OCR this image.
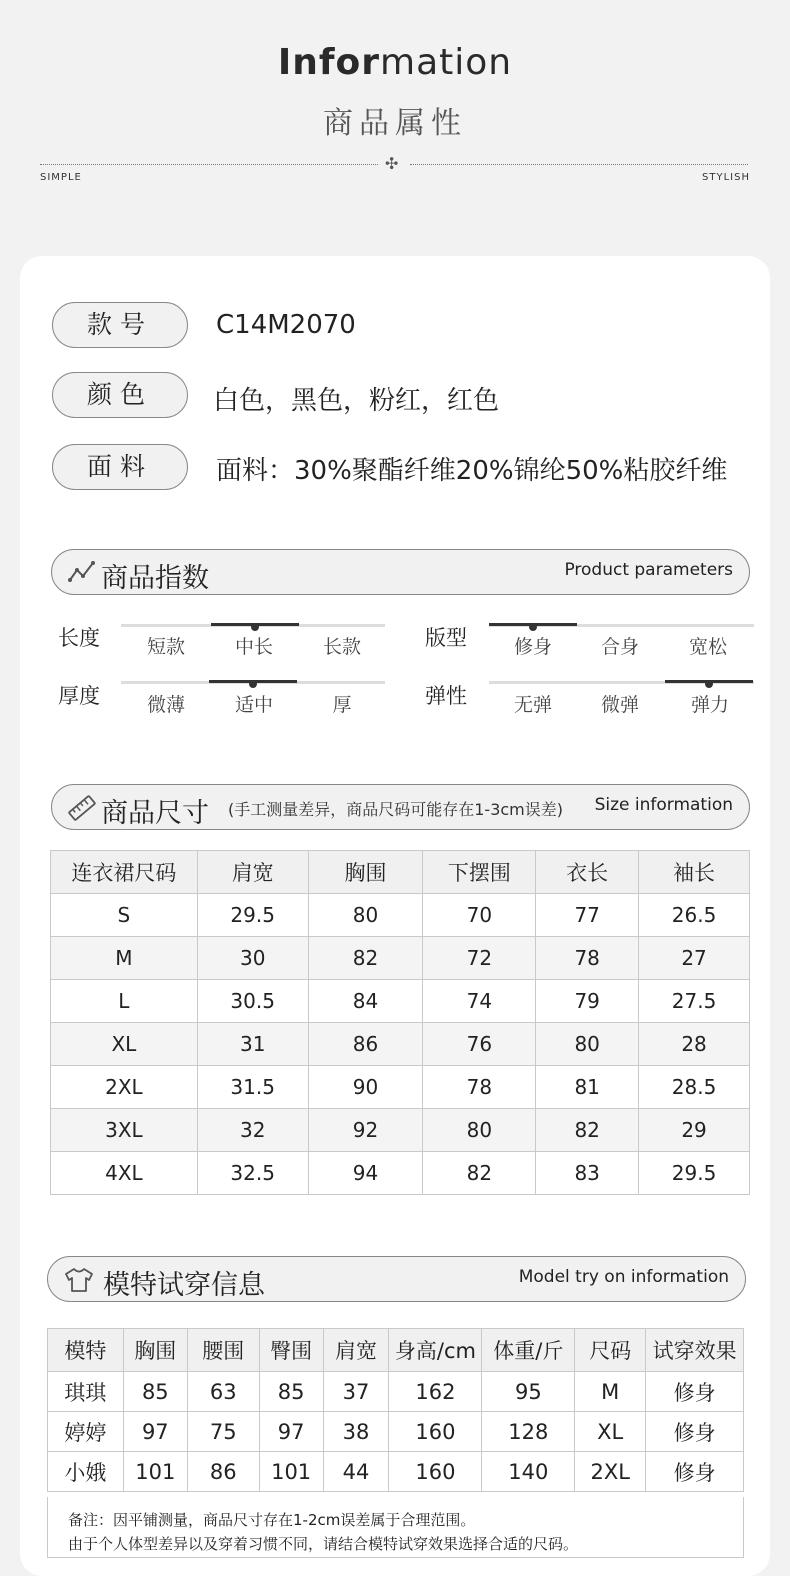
Information
商品属性
✣
SIMPLE	STYLISH
款号	C14M2070
颜色	白色，黑色，粉红，红色
面料	面料：30%聚酯纤维20%锦纶50%粘胶纤维
商品指数	Product parameters
长度	短款	中长	长款	版型	修身	合身	宽松
厚度	微薄	适中	厚	弹性	无弹	微弹	弹力
商品尺寸 (手工测量差异，商品尺码可能存在1-3cm误差) Size information
连衣裙尺码	肩宽	胸围	下摆围	衣长	袖长
S	29.5	80	70	77	26.5
M	30	82	72	78	27
L	30.5	84	74	79	27.5
XL	31	86	76	80	28
2XL	31.5	90	78	81	28.5
3XL	32	92	80	82	29
4XL	32.5	94	82	83	29.5
模特试穿信息	Model try on information
模特	胸围	腰围	臀围	肩宽	身高/cm	体重/斤	尺码	试穿效果
琪琪	85	63	85	37	162	95	M	修身
婷婷	97	75	97	38	160	128	XL	修身
小娥	101	86	101	44	160	140	2XL	修身
备注：因平铺测量，商品尺寸存在1-2cm误差属于合理范围。
由于个人体型差异以及穿着习惯不同，请结合模特试穿效果选择合适的尺码。
